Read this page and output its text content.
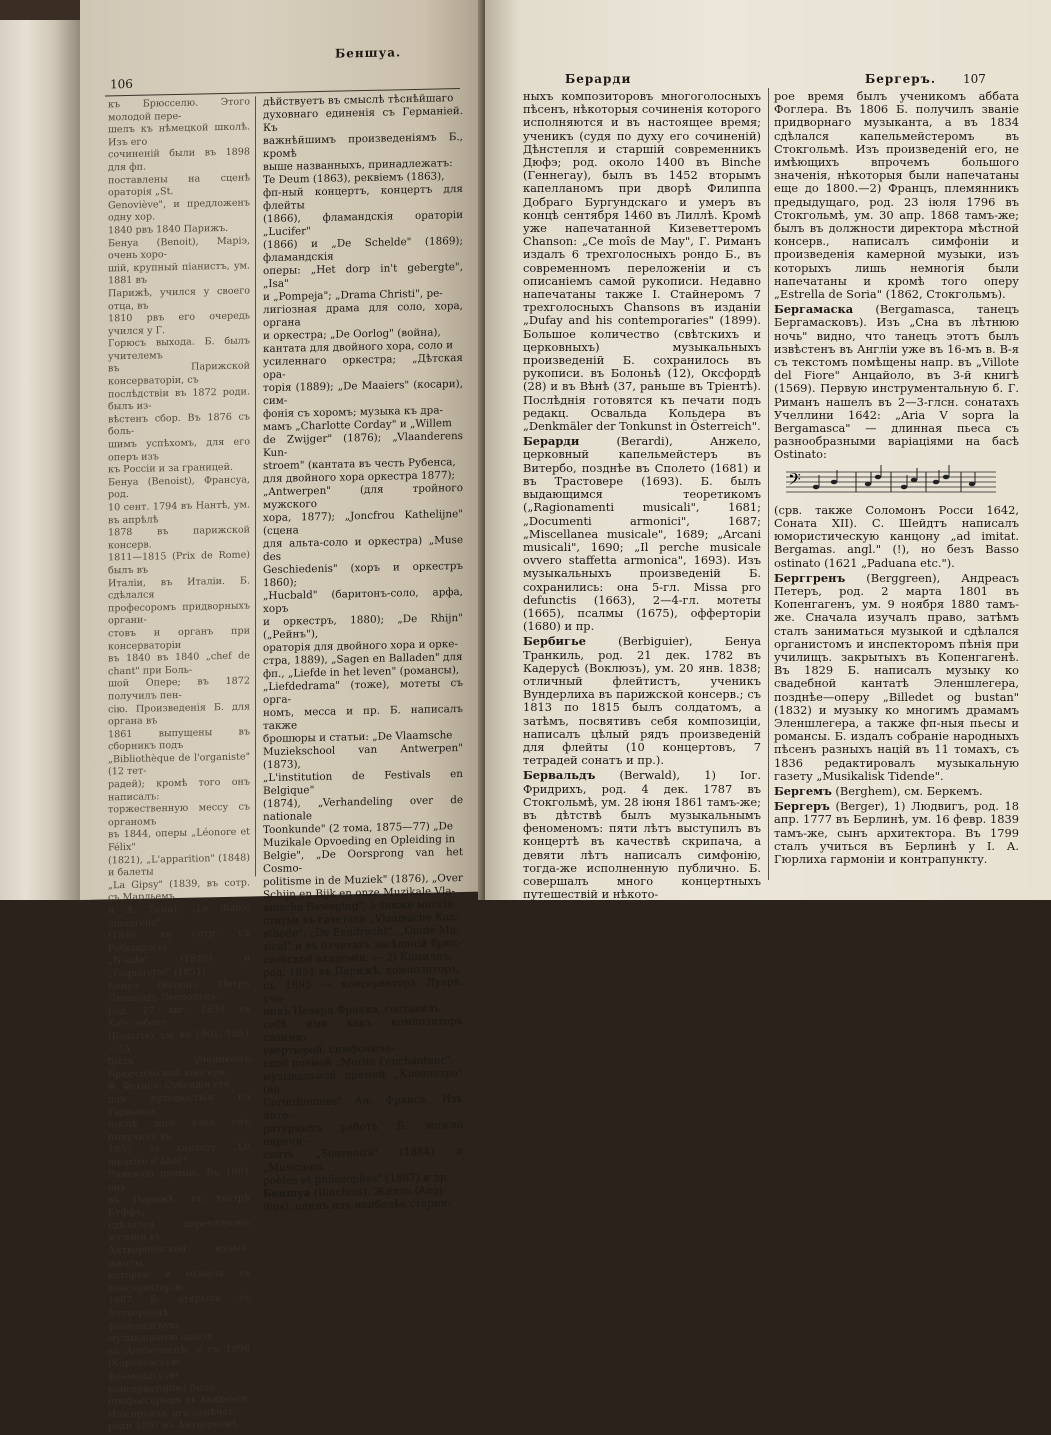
106
Беншуа.
къ Брюсселю. Этого молодой пере-
шелъ къ нѣмецкой школѣ. Изъ его
сочиненій были въ 1898 для фп.
поставлены на сценѣ ораторія „St.
Genoviève", и предложенъ одну хор.
1840 рвъ 1840 Парижъ.
Бенуа (Benoit), Маріэ, очень хоро-
шій, крупный піанистъ, ум. 1881 въ
Парижѣ, учился у своего отца, въ
1810 рвъ его очередь учился у Г.
Горюсъ выхода. Б. былъ учителемъ
въ Парижской консерваторіи, съ
послѣдствіи въ 1872 роди. былъ из-
вѣстенъ сбор. Въ 1876 съ боль-
шимъ успѣхомъ, для его оперъ изъ
къ Россіи и за границей.
Бенуа (Benoist), Франсуа, род.
10 сент. 1794 въ Нантѣ, ум. въ апрѣлѣ
1878 въ парижской консерв.
1811—1815 (Prix de Rome) былъ въ
Италіи, въ Италіи. Б. сдѣлался
професоромъ придворныхъ органи-
стовъ и органъ при консерваторіи
въ 1840 въ 1840 „chef de chant" при Боль-
шой Опере; въ 1872 получилъ пен-
сію. Произведенія Б. для органа въ
1861 выпущены въ сборникъ подъ
„Bibliothèque de l'organiste" (12 тет-
радей); кромѣ того онъ написалъ:
торжественную мессу съ органомъ
въ 1844, оперы „Léonore et Félix"
(1821), „L'apparition" (1848) и балеты
„La Gipsy" (1839, въ сотр. съ Марльемъ
и А. Тома), „Le diable amoureux"
(1840, въ сотр. съ Ребердомъ),
„Nisida" (1848) и „Paquerette" (1851).
Бенуа (Benoit), Петръ Леонардъ Леопольдъ,
род. 17 авг. 1834 въ Харельбеке
(Бельгія), ум. въ 1901. 1851—55
былъ ученикомъ Брюссельской консерв.
Ф. Фетиса. Субсидія его
для путешествія по Германіи,
послѣ того какъ онъ получилъ въ
1857 за кантату „Le meurtre d'Abel"
Римскую премію. Въ 1861 онъ
въ Парижѣ, въ театрѣ Буффъ;
сдѣлался директоромъ музыки въ
Антверпенской музык. школы,
которую и возвелъ въ консерваторію
1867 Б. открылъ въ Антверпенѣ
фламандскую музыкальную школу
въ Антверпенѣ, и съ 1898 (Королевскую
фламандскую консерваторію) былъ
профессоромъ въ Академіи.
Изъ произв. его замѣчат.
роди 1897 въ Антверпенѣ.
дѣйствуетъ въ смыслѣ тѣснѣйшаго
духовнаго единенія съ Германіей. Къ
важнѣйшимъ произведеніямъ Б., кромѣ
выше названныхъ, принадлежатъ:
Te Deum (1863), реквіемъ (1863),
фп-ный концертъ, концертъ для флейты
(1866), фламандскія ораторіи „Lucifer"
(1866) и „De Schelde" (1869); фламандскія
оперы: „Het dorp in't gebergte", „Isa"
и „Pompeja"; „Drama Christi", ре-
лигіозная драма для соло, хора, органа
и оркестра; „De Oorlog" (война),
кантата для двойного хора, соло и
усиленнаго оркестра; „Дѣтская ора-
торія (1889); „De Maaiers" (косари), сим-
фонія съ хоромъ; музыка къ дра-
мамъ „Charlotte Corday" и „Willem
de Zwijger" (1876); „Vlaanderens Kun-
stroem" (кантата въ честь Рубенса,
для двойного хора оркестра 1877);
„Antwerpen" (для тройного мужского
хора, 1877); „Joncfrou Kathelijne" (сцена
для альта-соло и оркестра) „Muse des
Geschiedenis" (хоръ и оркестръ 1860);
„Hucbald" (баритонъ-соло, арфа, хоръ
и оркестръ, 1880); „De Rhijn" („Рейнъ"),
ораторія для двойного хора и орке-
стра, 1889), „Sagen en Balladen" для
фп., „Liefde in het leven" (романсы),
„Liefdedrama" (тоже), мотеты съ орга-
номъ, месса и пр. Б. написалъ также
брошюры и статьи: „De Vlaamsche
Muziekschool van Antwerpen" (1873),
„L'institution de Festivals en Belgique"
(1874), „Verhandeling over de nationale
Toonkunde" (2 тома, 1875—77) „De
Muzikale Opvoeding en Opleiding in
Belgie", „De Oorsprong van het Cosmo-
politisme in de Muziek" (1876), „Over
Schijn en Bijk en onze Muzikale Vla-
amsche Beweging", а также многія
статьи въ газетахъ „Vlaamsche Kun-
stbode", „De Eendracht", „Guide Mu-
sical" и въ отчетахъ засѣданій брюс-
сельской академіи. — 2) Камиллъ,
род. 1851 въ Парижѣ, композиторъ,
съ 1895 — консерваторъ Лувра, уче-
никъ Цезаря Франка, составилъ
себѣ имя какъ композиторъ своими:
увертюрой, симфониче-
ской поэмой „Merlin l'enchanteur",
музыкальной драмой „Клеопатра" (на
Corinthiennes" Ан. Франса. Изъ лите-
ратурныхъ работъ Б. можно перечи-
слить „Souvenirs" (1884) и „Musiciens,
poètes et philosophes" (1887) и др.
Беншуа (Binchois), Жилль (Aegi-
dius), одинъ изъ наиболѣе старин-
Берарди	Бергеръ. 107

ныхъ композиторовъ многоголосныхъ пѣсенъ, нѣкоторыя сочиненія которого исполняются и въ настоящее время; ученикъ (судя по духу его сочиненій) Дѣнстепля и старшій современникъ Дюфэ; род. около 1400 въ Binche (Геннегау), былъ въ 1452 вторымъ капелланомъ при дворѣ Филиппа Добраго Бургундскаго и умеръ въ концѣ сентября 1460 въ Лиллѣ. Кромѣ уже напечатанной Кизеветтеромъ Chanson: „Ce moîs de May", Г. Риманъ издалъ 6 трехголосныхъ рондо Б., въ современномъ переложеніи и съ описаніемъ самой рукописи. Недавно напечатаны также I. Стайнеромъ 7 трехголосныхъ Chansons въ изданіи „Dufay and his contemporaries" (1899). Большое количество (свѣтскихъ и церковныхъ) музыкальныхъ произведеній Б. сохранилось въ рукописи. въ Болоньѣ (12), Оксфордѣ (28) и въ Вѣнѣ (37, раньше въ Тріентѣ). Послѣднія готовятся къ печати подъ редакц. Освальда Кольдера въ „Denkmäler der Tonkunst in Österreich".

Берарди (Berardi), Анжело, церковный капельмейстеръ въ Витербо, позднѣе въ Сполето (1681) и въ Трастовере (1693). Б. былъ выдающимся теоретикомъ („Ragionamenti musicali", 1681; „Documenti armonici", 1687; „Miscellanea musicale", 1689; „Arcani musicali", 1690; „Il perche musicale ovvero staffetta armonica", 1693). Изъ музыкальныхъ произведеній Б. сохранились: она 5-гл. Missa pro defunctis (1663), 2—4-гл. мотеты (1665), псалмы (1675), офферторіи (1680) и пр.

Бербигье (Berbiguier), Бенуа Транкиль, род. 21 дек. 1782 въ Кадерусѣ (Воклюзъ), ум. 20 янв. 1838; отличный флейтистъ, ученикъ Вундерлиха въ парижской консерв.; съ 1813 по 1815 былъ солдатомъ, а затѣмъ, посвятивъ себя композиціи, написалъ цѣлый рядъ произведеній для флейты (10 концертовъ, 7 тетрадей сонатъ и пр.).

Бервальдъ (Berwald), 1) Іог. Фридрихъ, род. 4 дек. 1787 въ Стокгольмѣ, ум. 28 іюня 1861 тамъ-же; въ дѣтствѣ былъ музыкальнымъ феноменомъ: пяти лѣтъ выступилъ въ концертѣ въ качествѣ скрипача, а девяти лѣтъ написалъ симфонію, тогда-же исполненную публично. Б. совершалъ много концертныхъ путешествій и нѣкото-

рое время былъ ученикомъ аббата Фоглера. Въ 1806 Б. получилъ званіе придворнаго музыканта, а въ 1834 сдѣлался капельмейстеромъ въ Стокгольмѣ. Изъ произведеній его, не имѣющихъ впрочемъ большого значенія, нѣкоторыя были напечатаны еще до 1800.—2) Францъ, племянникъ предыдущаго, род. 23 іюля 1796 въ Стокгольмѣ, ум. 30 апр. 1868 тамъ-же; былъ въ должности директора мѣстной консерв., написалъ симфоніи и произведенія камерной музыки, изъ которыхъ лишь немногія были напечатаны и кромѣ того оперу „Estrella de Soria" (1862, Стокгольмъ).

Бергамаска (Bergamasca, танецъ Бергамасковъ). Изъ „Сна въ лѣтнюю ночь" видно, что танецъ этотъ былъ извѣстенъ въ Англіи уже въ 16-мъ в. В-я съ текстомъ помѣщены напр. въ „Villote del Fiore" Анцайоло, въ 3-й книгѣ (1569). Первую инструментальную б. Г. Риманъ нашелъ въ 2—3-глсн. сонатахъ Учеллини 1642: „Aria V sopra la Bergamasca" — длинная пьеса съ разнообразными варіаціями на басѣ Ostinato:

𝄢

(срв. также Соломонъ Росси 1642, Соната XII). С. Шейдтъ написалъ юмористическую канцону „ad imitat. Bergamas. angl." (!), но безъ Basso ostinato (1621 „Paduana etc.").

Берггренъ (Berggreen), Андреасъ Петеръ, род. 2 марта 1801 въ Копенгагенъ, ум. 9 ноября 1880 тамъ-же. Сначала изучалъ право, затѣмъ сталъ заниматься музыкой и сдѣлался органистомъ и инспекторомъ пѣнія при училищъ. закрытыхъ въ Копенгагенѣ. Въ 1829 Б. написалъ музыку ко свадебной кантатѣ Эленшлегера, позднѣе—оперу „Billedet og bustan" (1832) и музыку ко многимъ драмамъ Эленшлегера, а также фп-ныя пьесы и романсы. Б. издалъ собраніе народныхъ пѣсенъ разныхъ націй въ 11 томахъ, съ 1836 редактировалъ музыкальную газету „Musikalisk Tidende".

Бергемъ (Berghem), см. Беркемъ.

Бергеръ (Berger), 1) Людвигъ, род. 18 апр. 1777 въ Берлинѣ, ум. 16 февр. 1839 тамъ-же, сынъ архитектора. Въ 1799 сталъ учиться въ Берлинѣ у І. А. Гюрлиха гармоніи и контрапункту.
